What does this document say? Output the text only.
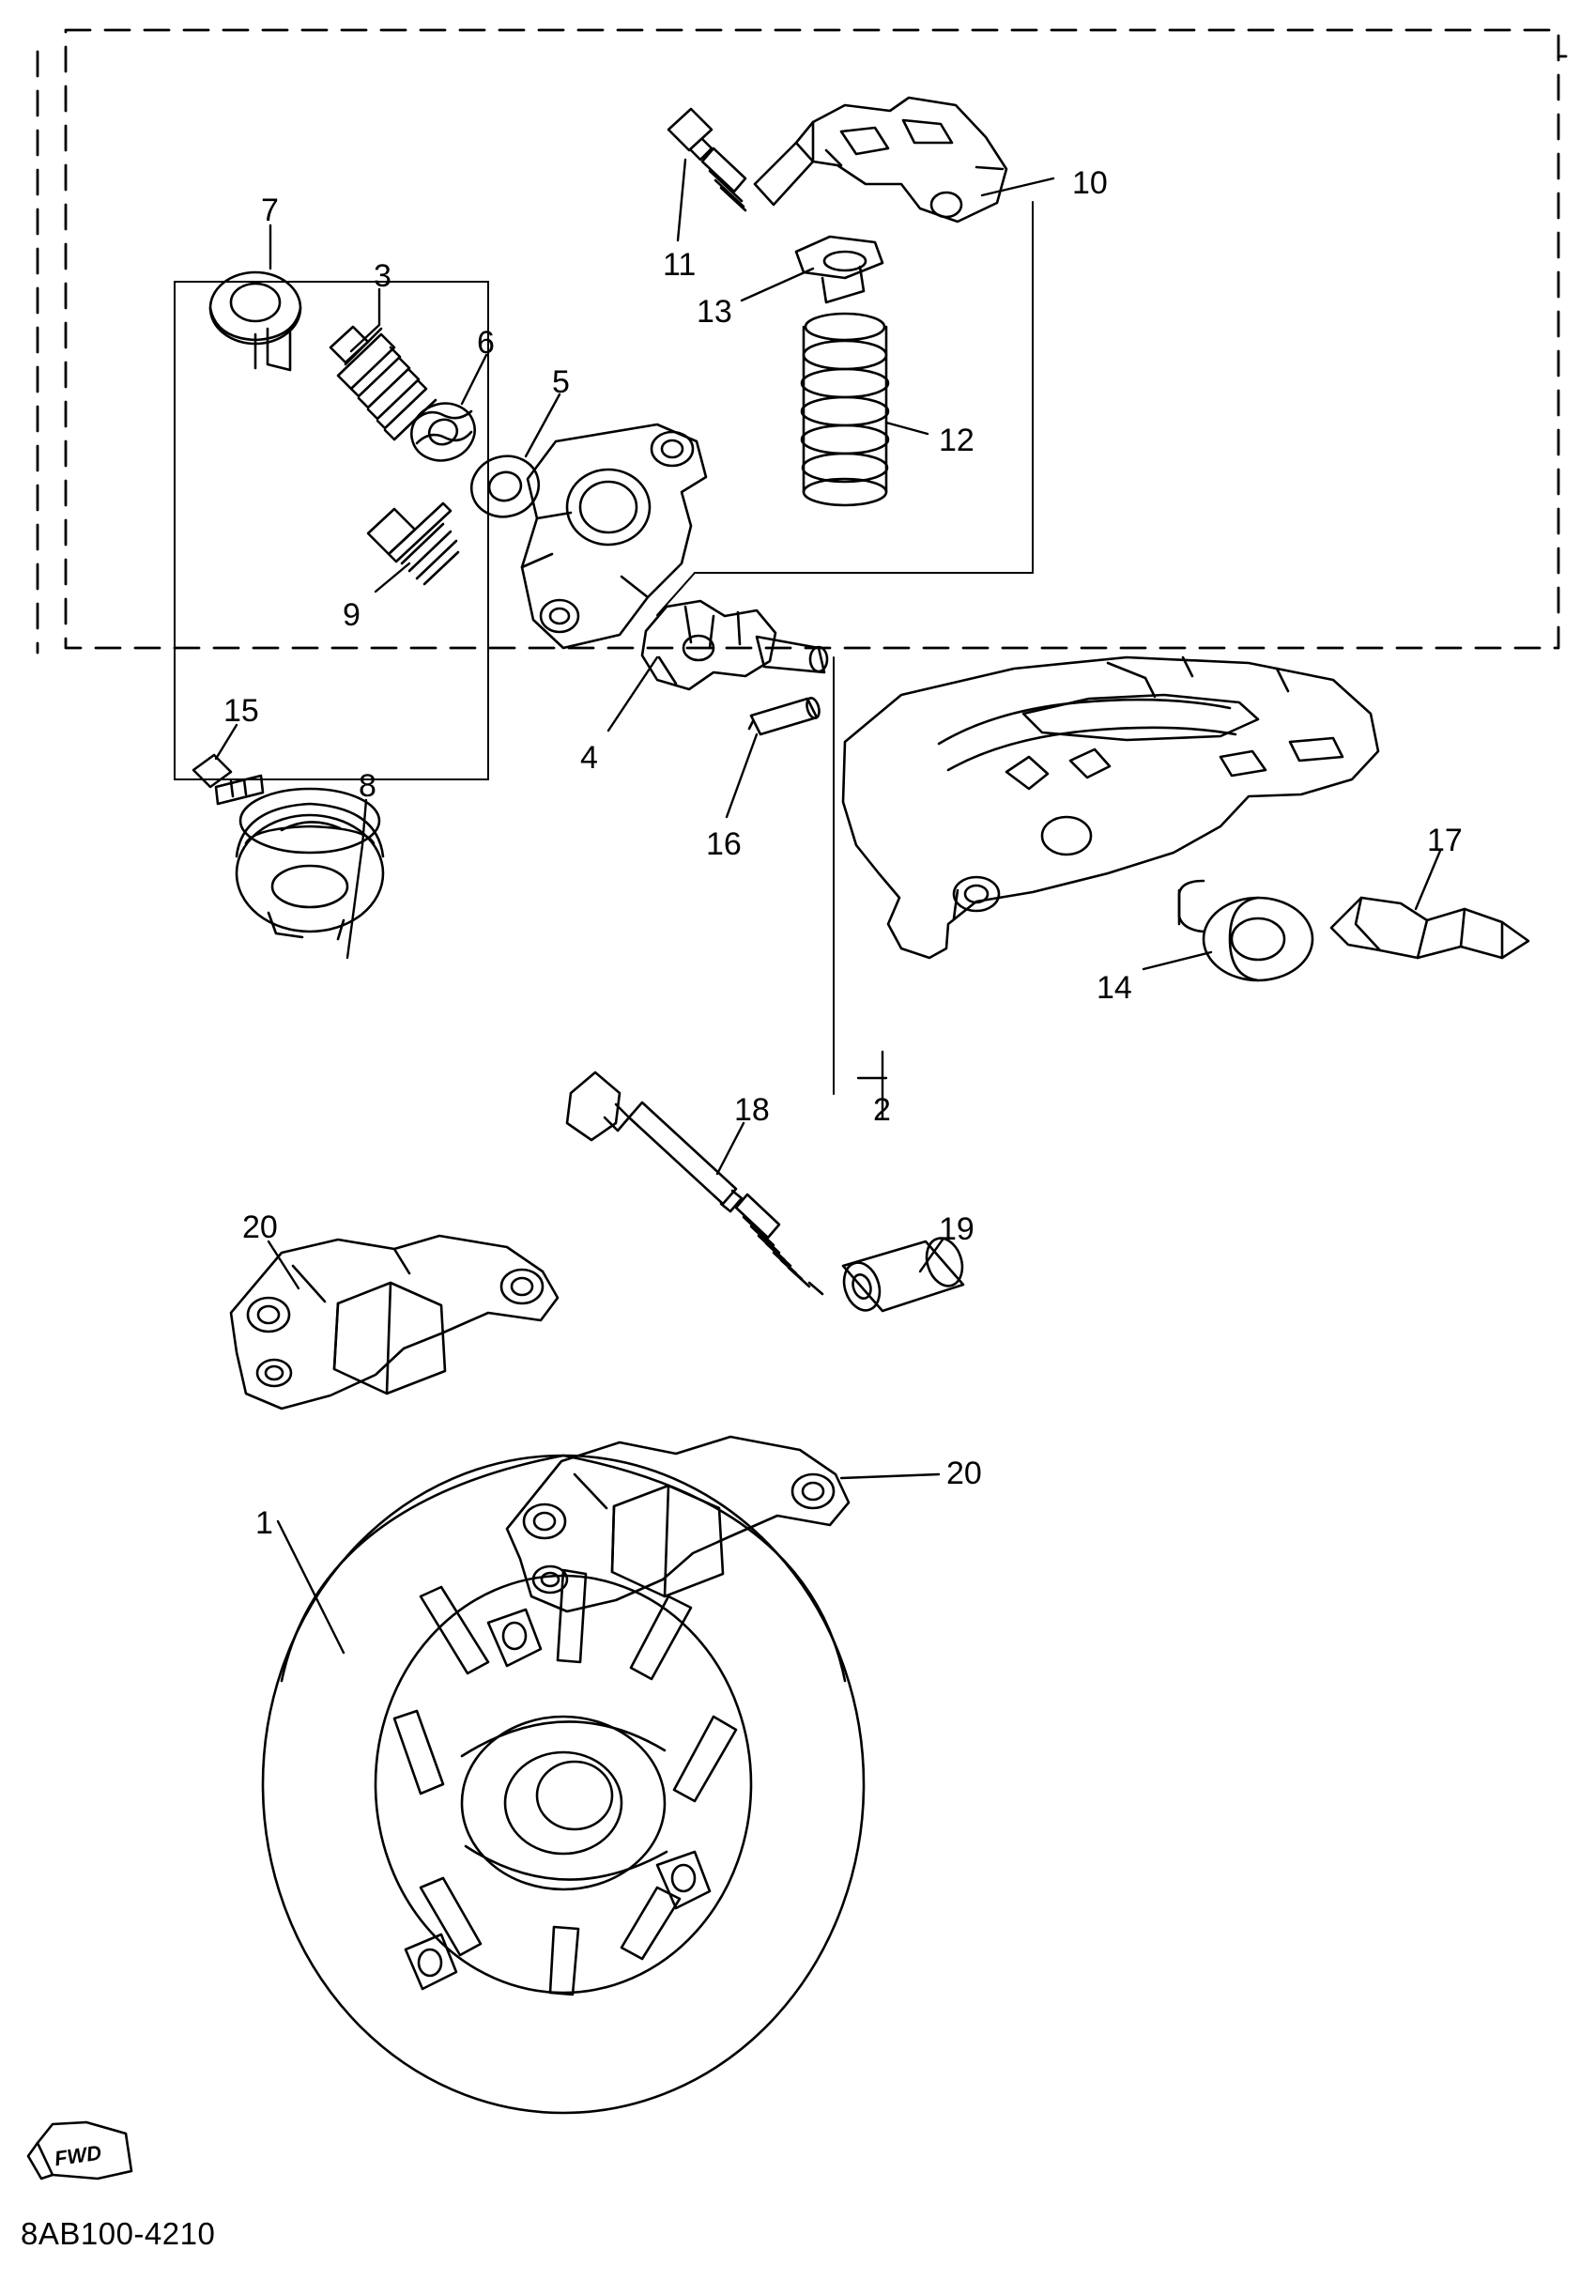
1
2
3
4
5
6
7
8
9
10
11
12
13
14
15
16	17
18
19
20
20
FWD
8AB100-4210
